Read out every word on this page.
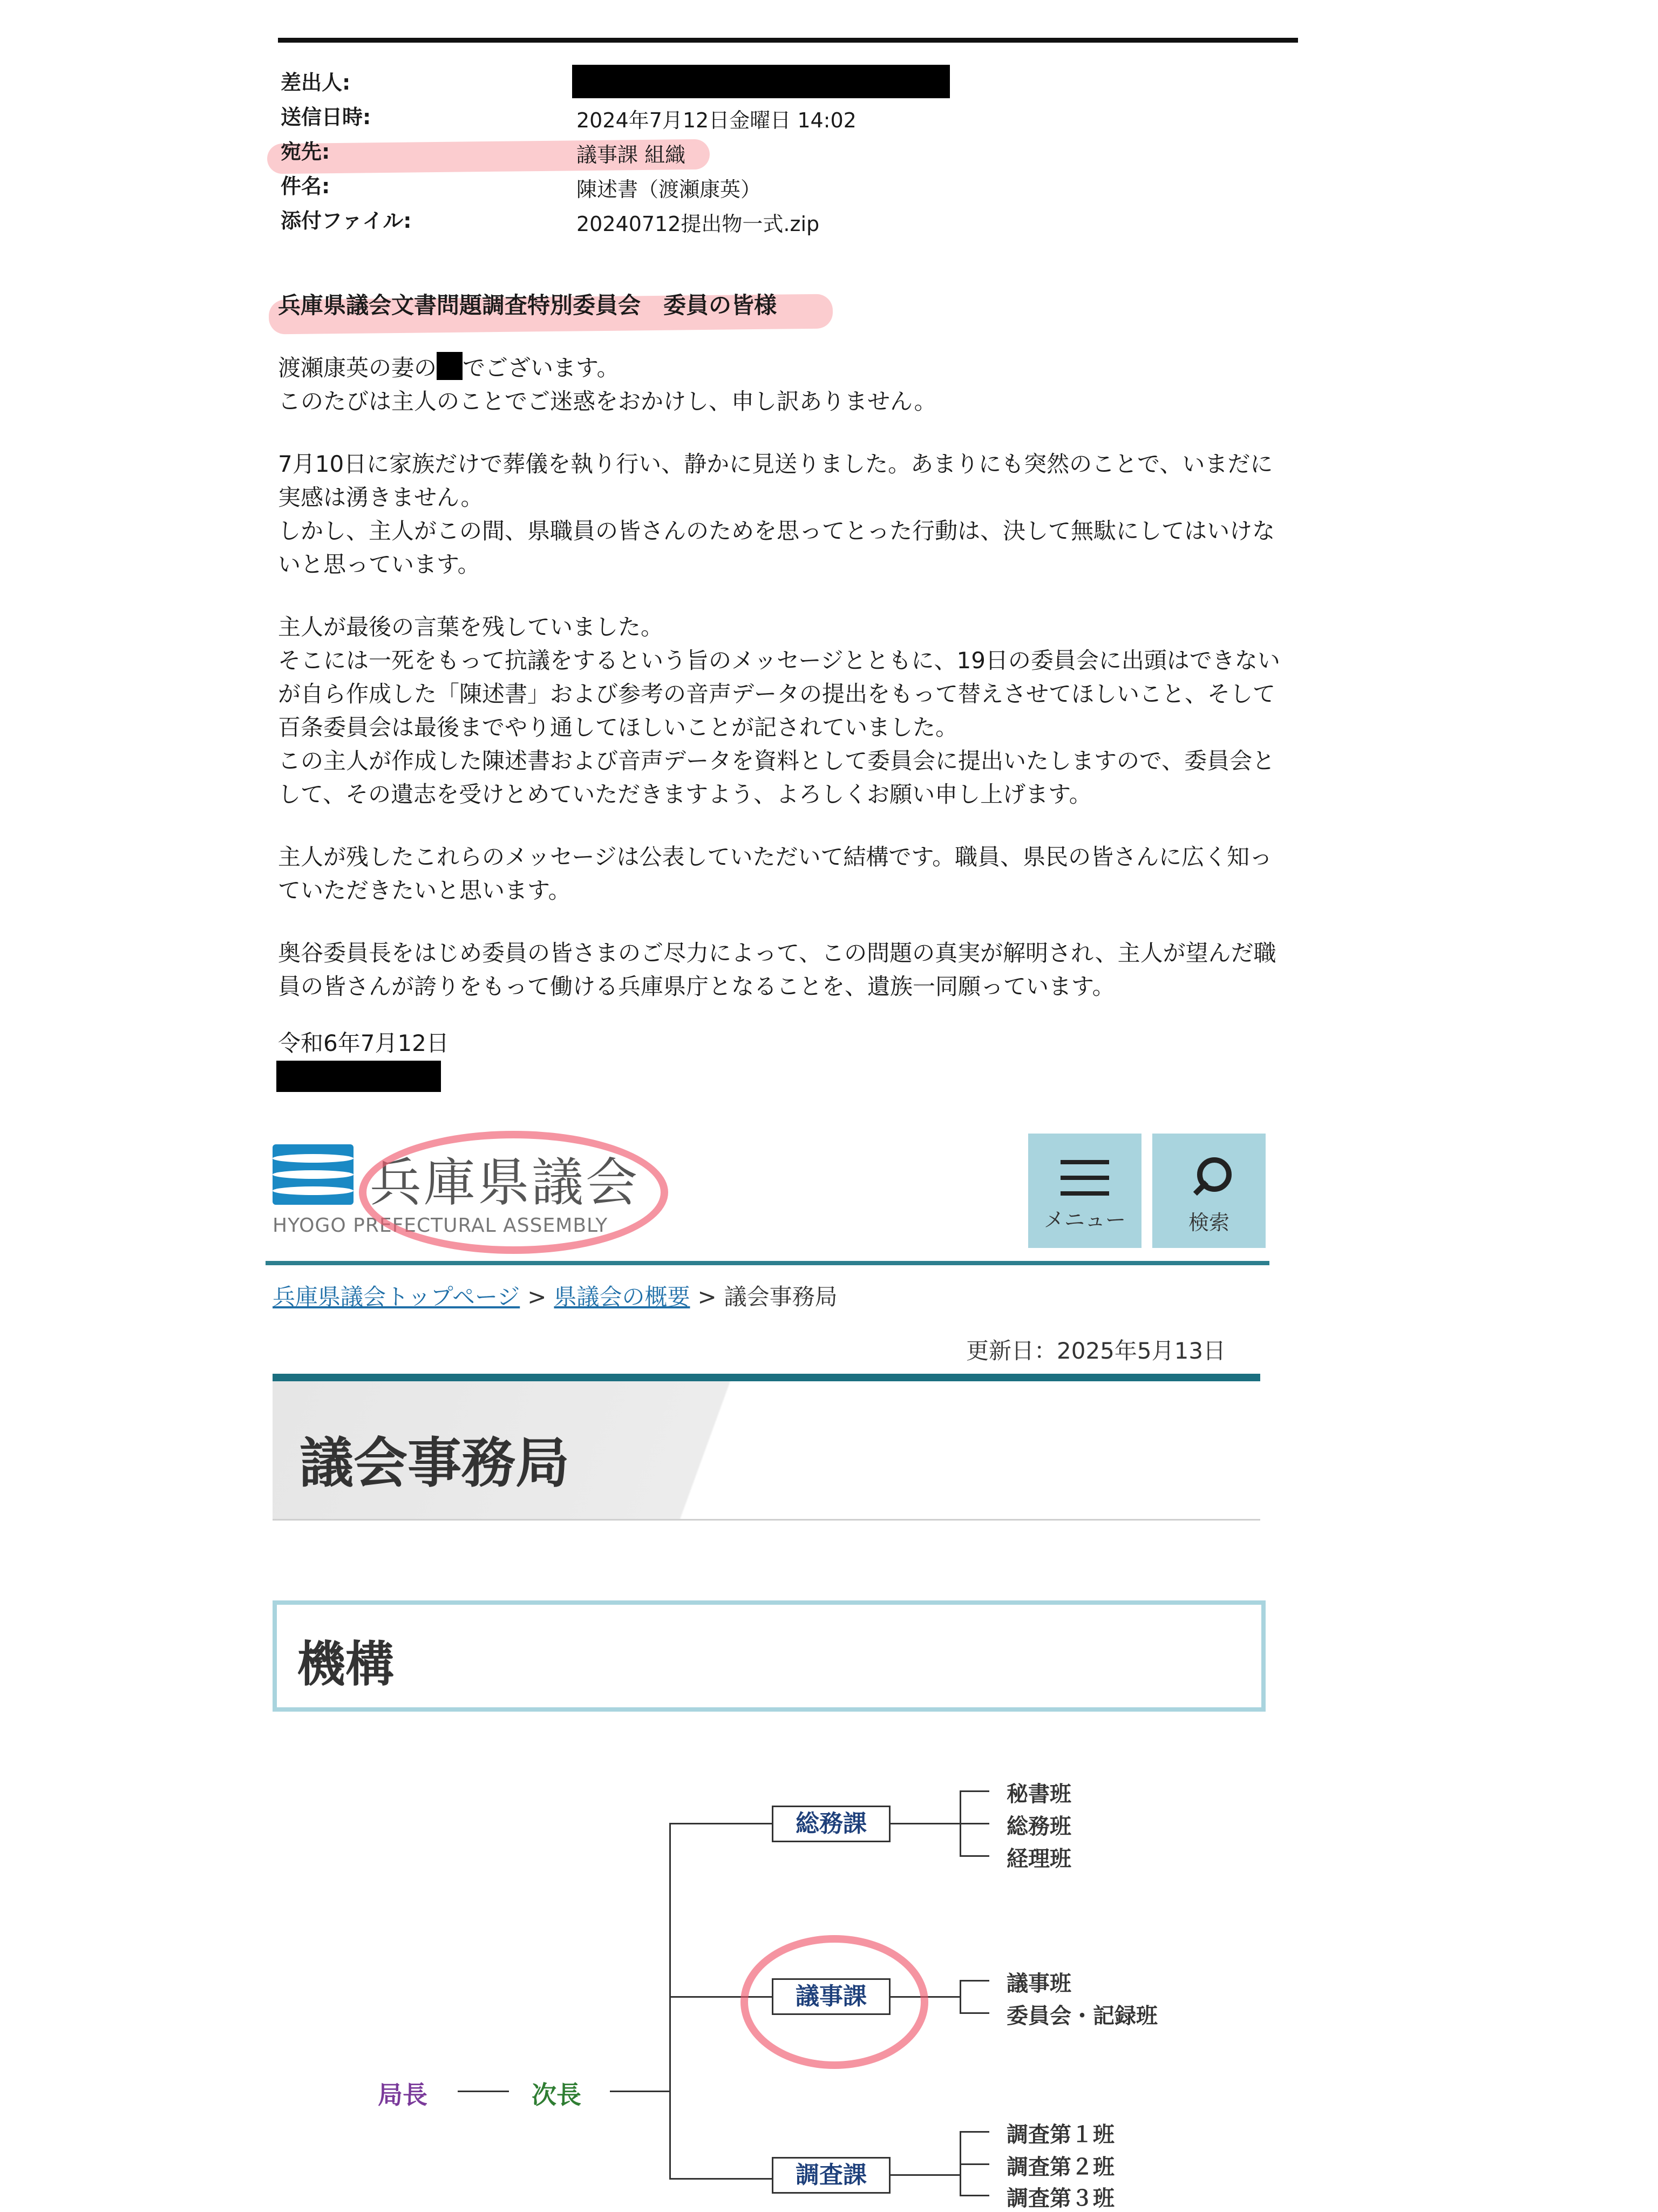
差出人:
送信日時:	2024年7月12日金曜日 14:02
宛先:	議事課 組織
件名:	陳述書（渡瀬康英）
添付ファイル:	20240712提出物一式.zip

兵庫県議会文書問題調査特別委員会　委員の皆様

渡瀬康英の妻の でございます。
このたびは主人のことでご迷惑をおかけし、申し訳ありません。

7月10日に家族だけで葬儀を執り行い、静かに見送りました。あまりにも突然のことで、いまだに実感は湧きません。
しかし、主人がこの間、県職員の皆さんのためを思ってとった行動は、決して無駄にしてはいけないと思っています。

主人が最後の言葉を残していました。
そこには一死をもって抗議をするという旨のメッセージとともに、19日の委員会に出頭はできないが自ら作成した「陳述書」および参考の音声データの提出をもって替えさせてほしいこと、そして百条委員会は最後までやり通してほしいことが記されていました。
この主人が作成した陳述書および音声データを資料として委員会に提出いたしますので、委員会として、その遺志を受けとめていただきますよう、よろしくお願い申し上げます。

主人が残したこれらのメッセージは公表していただいて結構です。職員、県民の皆さんに広く知っていただきたいと思います。

奥谷委員長をはじめ委員の皆さまのご尽力によって、この問題の真実が解明され、主人が望んだ職員の皆さんが誇りをもって働ける兵庫県庁となることを、遺族一同願っています。

令和6年7月12日
兵庫県議会
HYOGO PREFECTURAL ASSEMBLY	メニュー	検索
兵庫県議会トップページ > 県議会の概要 > 議会事務局
更新日：2025年5月13日
議会事務局
機構
局長	次長
総務課
秘書班
総務班
経理班
議事課	議事班
委員会・記録班
調査課
調査第１班
調査第２班
調査第３班
